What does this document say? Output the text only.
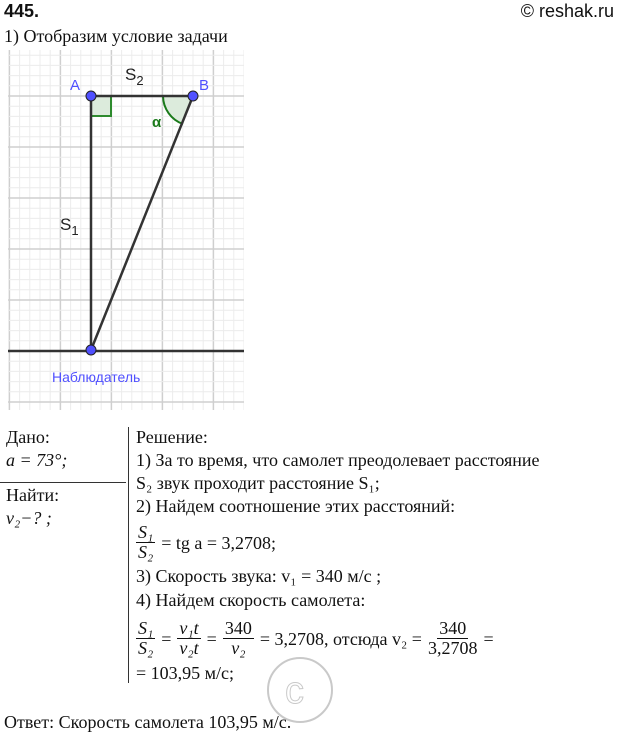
445.	© reshak.ru
1) Отобразим условие задачи
A	B
$S_2$
$S_1$
α
Наблюдатель
Дано:
a = 73°;
Найти:
v₂−? ;
Решение:
1) За то время, что самолет преодолевает расстояние
S₂ звук проходит расстояние S₁;
2) Найдем соотношение этих расстояний:
$\frac{\text{S₁}}{\text{S₂}}$ = tg a = 3,2708;
3) Скорость звука: v₁ = 340 м/с ;
4) Найдем скорость самолета:
$\frac{\text{S₁}}{\text{S₂}} = \frac{\text{v₁t}}{\text{v₂t}} = \frac{340}{\text{v₂}} = 3,2708$, отсюда $v_2 = \frac{340}{3,2708}$ =
= 103,95 м/с;
Ответ: Скорость самолета 103,95 м/с.
c
